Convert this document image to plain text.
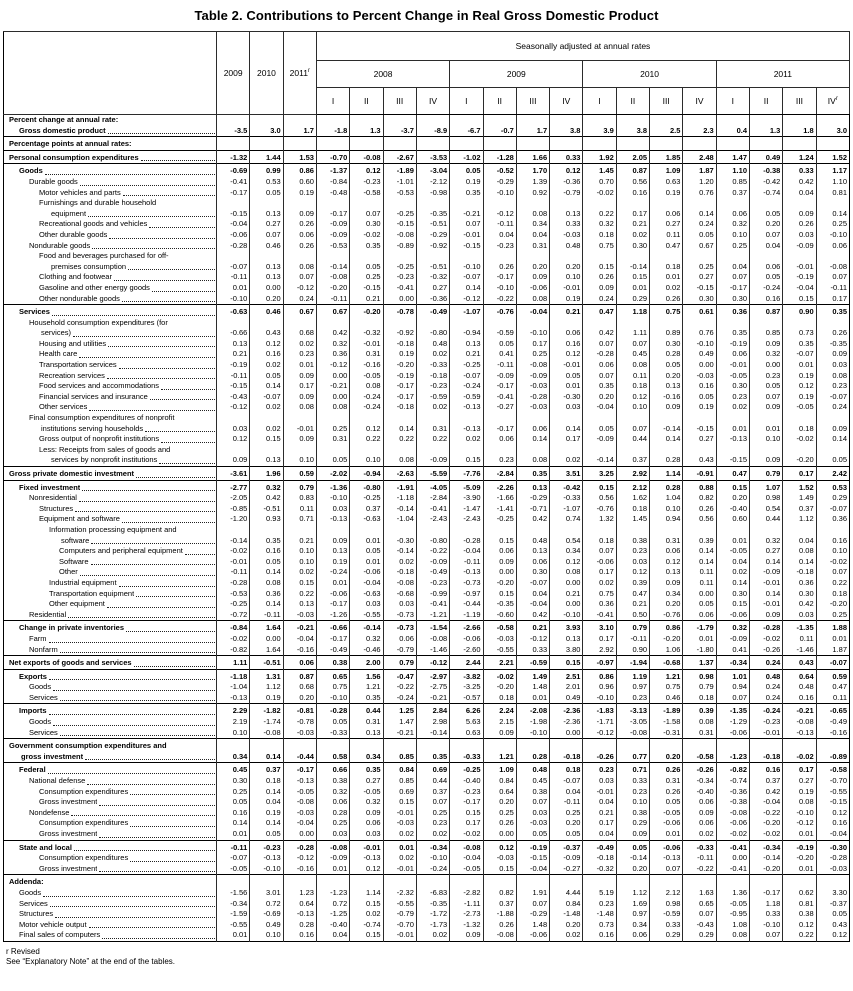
Table 2. Contributions to Percent Change in Real Gross Domestic Product
	2009	2010	2011$^r$	Seasonally adjusted at annual rates															
				2008				2009				2010				2011			
				I	II	III	IV	I	II	III	IV	I	II	III	IV	I	II	III	$IV^r$

Percent change at annual rate:																			

Gross domestic product	-3.5	3.0	1.7	-1.8	1.3	-3.7	-8.9	-6.7	-0.7	1.7	3.8	3.9	3.8	2.5	2.3	0.4	1.3	1.8	3.0

Percentage points at annual rates:																			

Personal consumption expenditures	-1.32	1.44	1.53	-0.70	-0.08	-2.67	-3.53	-1.02	-1.28	1.66	0.33	1.92	2.05	1.85	2.48	1.47	0.49	1.24	1.52

Goods	-0.69	0.99	0.86	-1.37	0.12	-1.89	-3.04	0.05	-0.52	1.70	0.12	1.45	0.87	1.09	1.87	1.10	-0.38	0.33	1.17

Durable goods	-0.41	0.53	0.60	-0.84	-0.23	-1.01	-2.12	0.19	-0.29	1.39	-0.36	0.70	0.56	0.63	1.20	0.85	-0.42	0.42	1.10

Motor vehicles and parts	-0.17	0.05	0.19	-0.48	-0.58	-0.53	-0.98	0.35	-0.10	0.92	-0.79	-0.02	0.16	0.19	0.76	0.37	-0.74	0.04	0.81

Furnishings and durable household
equipment	-0.15	0.13	0.09	-0.17	0.07	-0.25	-0.35	-0.21	-0.12	0.08	0.13	0.22	0.17	0.06	0.14	0.06	0.05	0.09	0.14

Recreational goods and vehicles	-0.04	0.27	0.26	-0.09	0.30	-0.15	-0.51	0.07	-0.11	0.34	0.33	0.32	0.21	0.27	0.24	0.32	0.20	0.26	0.25

Other durable goods	-0.06	0.07	0.06	-0.09	-0.02	-0.08	-0.29	-0.01	0.04	0.04	-0.03	0.18	0.02	0.11	0.05	0.10	0.07	0.03	-0.10

Nondurable goods	-0.28	0.46	0.26	-0.53	0.35	-0.89	-0.92	-0.15	-0.23	0.31	0.48	0.75	0.30	0.47	0.67	0.25	0.04	-0.09	0.06

Food and beverages purchased for off-
premises consumption	-0.07	0.13	0.08	-0.14	0.05	-0.25	-0.51	-0.10	0.26	0.20	0.20	0.15	-0.14	0.18	0.25	0.04	0.06	-0.01	-0.08

Clothing and footwear	-0.11	0.13	0.07	-0.08	0.25	-0.23	-0.32	-0.07	-0.17	0.09	0.10	0.26	0.15	0.01	0.27	0.07	0.05	-0.19	0.07

Gasoline and other energy goods	0.01	0.00	-0.12	-0.20	-0.15	-0.41	0.27	0.14	-0.10	-0.06	-0.01	0.09	0.01	0.02	-0.15	-0.17	-0.24	-0.04	-0.11

Other nondurable goods	-0.10	0.20	0.24	-0.11	0.21	0.00	-0.36	-0.12	-0.22	0.08	0.19	0.24	0.29	0.26	0.30	0.30	0.16	0.15	0.17

Services	-0.63	0.46	0.67	0.67	-0.20	-0.78	-0.49	-1.07	-0.76	-0.04	0.21	0.47	1.18	0.75	0.61	0.36	0.87	0.90	0.35

Household consumption expenditures (for
services)	-0.66	0.43	0.68	0.42	-0.32	-0.92	-0.80	-0.94	-0.59	-0.10	0.06	0.42	1.11	0.89	0.76	0.35	0.85	0.73	0.26

Housing and utilities	0.13	0.12	0.02	0.32	-0.01	-0.18	0.48	0.13	0.05	0.17	0.16	0.07	0.07	0.30	-0.10	-0.19	0.09	0.35	-0.35

Health care	0.21	0.16	0.23	0.36	0.31	0.19	0.02	0.21	0.41	0.25	0.12	-0.28	0.45	0.28	0.49	0.06	0.32	-0.07	0.09

Transportation services	-0.19	0.02	0.01	-0.12	-0.16	-0.20	-0.33	-0.25	-0.11	-0.08	-0.01	0.06	0.08	0.05	0.00	-0.01	0.00	0.01	0.03

Recreation services	-0.11	0.05	0.09	0.00	-0.05	-0.19	-0.18	-0.07	-0.09	-0.09	0.05	0.07	0.11	0.20	-0.03	-0.05	0.23	0.19	0.08

Food services and accommodations	-0.15	0.14	0.17	-0.21	0.08	-0.17	-0.23	-0.24	-0.17	-0.03	0.01	0.35	0.18	0.13	0.16	0.30	0.05	0.12	0.23

Financial services and insurance	-0.43	-0.07	0.09	0.00	-0.24	-0.17	-0.59	-0.59	-0.41	-0.28	-0.30	0.20	0.12	-0.16	0.05	0.23	0.07	0.19	-0.07

Other services	-0.12	0.02	0.08	0.08	-0.24	-0.18	0.02	-0.13	-0.27	-0.03	0.03	-0.04	0.10	0.09	0.19	0.02	0.09	-0.05	0.24

Final consumption expenditures of nonprofit
institutions serving households	0.03	0.02	-0.01	0.25	0.12	0.14	0.31	-0.13	-0.17	0.06	0.14	0.05	0.07	-0.14	-0.15	0.01	0.01	0.18	0.09

Gross output of nonprofit institutions	0.12	0.15	0.09	0.31	0.22	0.22	0.22	0.02	0.06	0.14	0.17	-0.09	0.44	0.14	0.27	-0.13	0.10	-0.02	0.14

Less: Receipts from sales of goods and
services by nonprofit institutions	0.09	0.13	0.10	0.05	0.10	0.08	-0.09	0.15	0.23	0.08	0.02	-0.14	0.37	0.28	0.43	-0.15	0.09	-0.20	0.05

Gross private domestic investment	-3.61	1.96	0.59	-2.02	-0.94	-2.63	-5.59	-7.76	-2.84	0.35	3.51	3.25	2.92	1.14	-0.91	0.47	0.79	0.17	2.42

Fixed investment	-2.77	0.32	0.79	-1.36	-0.80	-1.91	-4.05	-5.09	-2.26	0.13	-0.42	0.15	2.12	0.28	0.88	0.15	1.07	1.52	0.53

Nonresidential	-2.05	0.42	0.83	-0.10	-0.25	-1.18	-2.84	-3.90	-1.66	-0.29	-0.33	0.56	1.62	1.04	0.82	0.20	0.98	1.49	0.29

Structures	-0.85	-0.51	0.11	0.03	0.37	-0.14	-0.41	-1.47	-1.41	-0.71	-1.07	-0.76	0.18	0.10	0.26	-0.40	0.54	0.37	-0.07

Equipment and software	-1.20	0.93	0.71	-0.13	-0.63	-1.04	-2.43	-2.43	-0.25	0.42	0.74	1.32	1.45	0.94	0.56	0.60	0.44	1.12	0.36

Information processing equipment and
software	-0.14	0.35	0.21	0.09	0.01	-0.30	-0.80	-0.28	0.15	0.48	0.54	0.18	0.38	0.31	0.39	0.01	0.32	0.04	0.16

Computers and peripheral equipment	-0.02	0.16	0.10	0.13	0.05	-0.14	-0.22	-0.04	0.06	0.13	0.34	0.07	0.23	0.06	0.14	-0.05	0.27	0.08	0.10

Software	-0.01	0.05	0.10	0.19	0.01	0.02	-0.09	-0.11	0.09	0.06	0.12	-0.06	0.03	0.12	0.14	0.04	0.14	0.14	-0.02

Other	-0.11	0.14	0.02	-0.24	-0.06	-0.18	-0.49	-0.13	0.00	0.30	0.08	0.17	0.12	0.13	0.11	0.02	-0.09	-0.18	0.07

Industrial equipment	-0.28	0.08	0.15	0.01	-0.04	-0.08	-0.23	-0.73	-0.20	-0.07	0.00	0.02	0.39	0.09	0.11	0.14	-0.01	0.36	0.22

Transportation equipment	-0.53	0.36	0.22	-0.06	-0.63	-0.68	-0.99	-0.97	0.15	0.04	0.21	0.75	0.47	0.34	0.00	0.30	0.14	0.30	0.18

Other equipment	-0.25	0.14	0.13	-0.17	0.03	0.03	-0.41	-0.44	-0.35	-0.04	0.00	0.36	0.21	0.20	0.05	0.15	-0.01	0.42	-0.20

Residential	-0.72	-0.11	-0.03	-1.26	-0.55	-0.73	-1.21	-1.19	-0.60	0.42	-0.10	-0.41	0.50	-0.76	0.06	-0.06	0.09	0.03	0.25

Change in private inventories	-0.84	1.64	-0.21	-0.66	-0.14	-0.73	-1.54	-2.66	-0.58	0.21	3.93	3.10	0.79	0.86	-1.79	0.32	-0.28	-1.35	1.88

Farm	-0.02	0.00	-0.04	-0.17	0.32	0.06	-0.08	-0.06	-0.03	-0.12	0.13	0.17	-0.11	-0.20	0.01	-0.09	-0.02	0.11	0.01

Nonfarm	-0.82	1.64	-0.16	-0.49	-0.46	-0.79	-1.46	-2.60	-0.55	0.33	3.80	2.92	0.90	1.06	-1.80	0.41	-0.26	-1.46	1.87

Net exports of goods and services	1.11	-0.51	0.06	0.38	2.00	0.79	-0.12	2.44	2.21	-0.59	0.15	-0.97	-1.94	-0.68	1.37	-0.34	0.24	0.43	-0.07

Exports	-1.18	1.31	0.87	0.65	1.56	-0.47	-2.97	-3.82	-0.02	1.49	2.51	0.86	1.19	1.21	0.98	1.01	0.48	0.64	0.59

Goods	-1.04	1.12	0.68	0.75	1.21	-0.22	-2.75	-3.25	-0.20	1.48	2.01	0.96	0.97	0.75	0.79	0.94	0.24	0.48	0.47

Services	-0.13	0.19	0.20	-0.10	0.35	-0.24	-0.21	-0.57	0.18	0.01	0.49	-0.10	0.23	0.46	0.18	0.07	0.24	0.16	0.11

Imports	2.29	-1.82	-0.81	-0.28	0.44	1.25	2.84	6.26	2.24	-2.08	-2.36	-1.83	-3.13	-1.89	0.39	-1.35	-0.24	-0.21	-0.65

Goods	2.19	-1.74	-0.78	0.05	0.31	1.47	2.98	5.63	2.15	-1.98	-2.36	-1.71	-3.05	-1.58	0.08	-1.29	-0.23	-0.08	-0.49

Services	0.10	-0.08	-0.03	-0.33	0.13	-0.21	-0.14	0.63	0.09	-0.10	0.00	-0.12	-0.08	-0.31	0.31	-0.06	-0.01	-0.13	-0.16

Government consumption expenditures and
gross investment	0.34	0.14	-0.44	0.58	0.34	0.85	0.35	-0.33	1.21	0.28	-0.18	-0.26	0.77	0.20	-0.58	-1.23	-0.18	-0.02	-0.89

Federal	0.45	0.37	-0.17	0.66	0.35	0.84	0.69	-0.25	1.09	0.48	0.18	0.23	0.71	0.26	-0.26	-0.82	0.16	0.17	-0.58

National defense	0.30	0.18	-0.13	0.38	0.27	0.85	0.44	-0.40	0.84	0.45	-0.07	0.03	0.33	0.31	-0.34	-0.74	0.37	0.27	-0.70

Consumption expenditures	0.25	0.14	-0.05	0.32	-0.05	0.69	0.37	-0.23	0.64	0.38	0.04	-0.01	0.23	0.26	-0.40	-0.36	0.42	0.19	-0.55

Gross investment	0.05	0.04	-0.08	0.06	0.32	0.15	0.07	-0.17	0.20	0.07	-0.11	0.04	0.10	0.05	0.06	-0.38	-0.04	0.08	-0.15

Nondefense	0.16	0.19	-0.03	0.28	0.09	-0.01	0.25	0.15	0.25	0.03	0.25	0.21	0.38	-0.05	0.09	-0.08	-0.22	-0.10	0.12

Consumption expenditures	0.14	0.14	-0.04	0.25	0.06	-0.03	0.23	0.17	0.26	-0.03	0.20	0.17	0.29	-0.06	0.06	-0.06	-0.20	-0.12	0.16

Gross investment	0.01	0.05	0.00	0.03	0.03	0.02	0.02	-0.02	0.00	0.05	0.05	0.04	0.09	0.01	0.02	-0.02	-0.02	0.01	-0.04

State and local	-0.11	-0.23	-0.28	-0.08	-0.01	0.01	-0.34	-0.08	0.12	-0.19	-0.37	-0.49	0.05	-0.06	-0.33	-0.41	-0.34	-0.19	-0.30

Consumption expenditures	-0.07	-0.13	-0.12	-0.09	-0.13	0.02	-0.10	-0.04	-0.03	-0.15	-0.09	-0.18	-0.14	-0.13	-0.11	0.00	-0.14	-0.20	-0.28

Gross investment	-0.05	-0.10	-0.16	0.01	0.12	-0.01	-0.24	-0.05	0.15	-0.04	-0.27	-0.32	0.20	0.07	-0.22	-0.41	-0.20	0.01	-0.03

Addenda:																			

Goods	-1.56	3.01	1.23	-1.23	1.14	-2.32	-6.83	-2.82	0.82	1.91	4.44	5.19	1.12	2.12	1.63	1.36	-0.17	0.62	3.30

Services	-0.34	0.72	0.64	0.72	0.15	-0.55	-0.35	-1.11	0.37	0.07	0.84	0.23	1.69	0.98	0.65	-0.05	1.18	0.81	-0.37

Structures	-1.59	-0.69	-0.13	-1.25	0.02	-0.79	-1.72	-2.73	-1.88	-0.29	-1.48	-1.48	0.97	-0.59	0.07	-0.95	0.33	0.38	0.05

Motor vehicle output	-0.55	0.49	0.28	-0.40	-0.74	-0.70	-1.73	-1.32	0.26	1.48	0.20	0.73	0.34	0.33	-0.43	1.08	-0.10	0.12	0.43

Final sales of computers	0.01	0.10	0.16	0.04	0.15	-0.01	0.02	0.09	-0.08	-0.06	0.02	0.16	0.06	0.29	0.29	0.08	0.07	0.22	0.12
r Revised
See “Explanatory Note” at the end of the tables.
